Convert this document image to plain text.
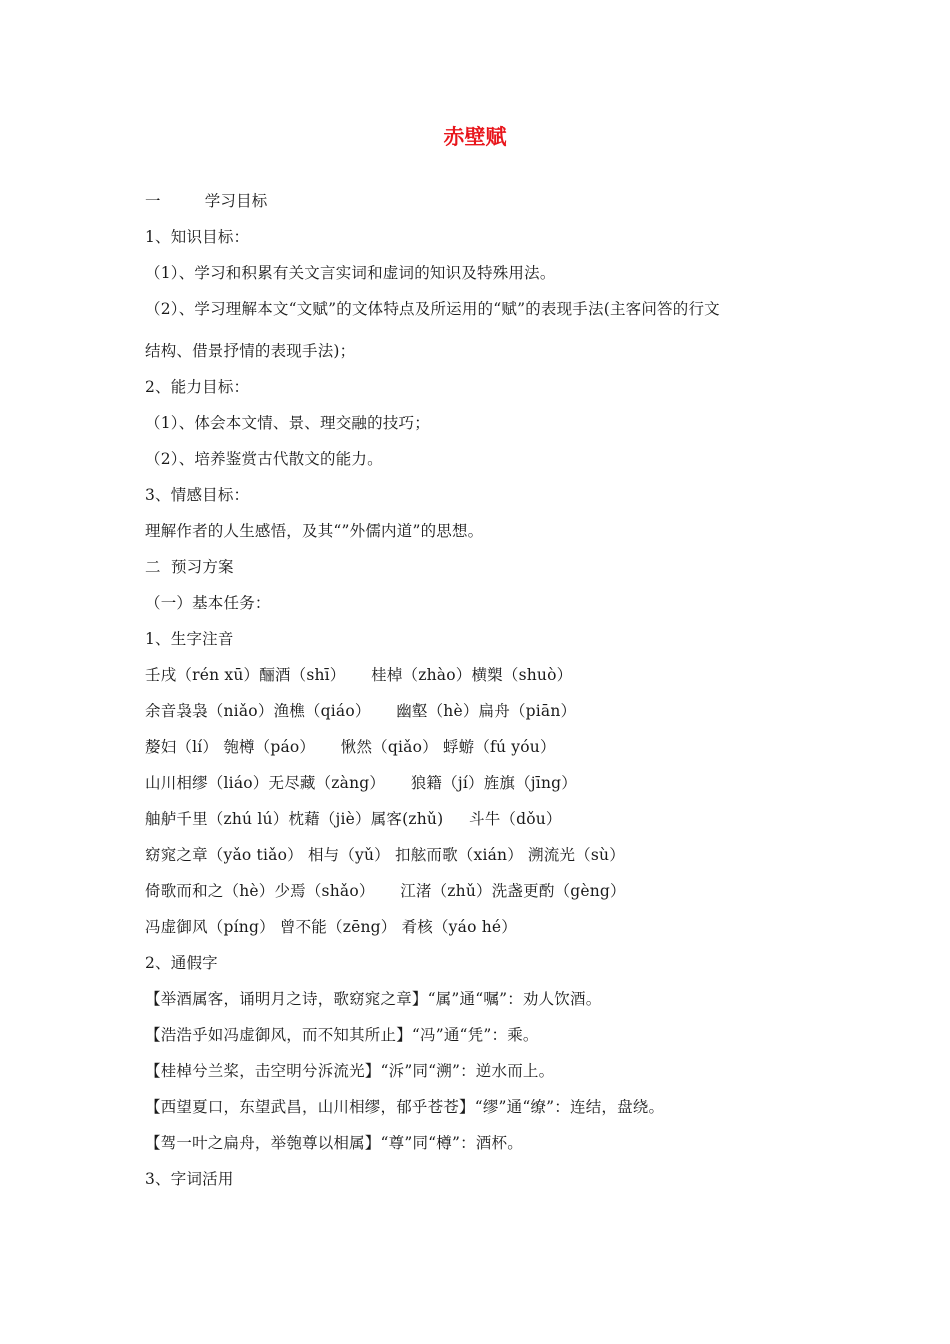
赤壁赋
一	学习目标
1、知识目标：
（1）、学习和积累有关文言实词和虚词的知识及特殊用法。
（2）、学习理解本文“文赋”的文体特点及所运用的“赋”的表现手法(主客问答的行文
结构、借景抒情的表现手法)；
2、能力目标：
（1）、体会本文情、景、理交融的技巧；
（2）、培养鉴赏古代散文的能力。
3、情感目标：
理解作者的人生感悟，及其“”外儒内道”的思想。
二  预习方案
（一）基本任务：
1、生字注音
壬戌（rén xū）酾酒（shī）     桂棹（zhào）横槊（shuò）
余音袅袅（niǎo）渔樵（qiáo）     幽壑（hè）扁舟（piān）
嫠妇（lí） 匏樽（páo）     愀然（qiǎo） 蜉蝣（fú yóu）
山川相缪（liáo）无尽藏（zàng）     狼籍（jí）旌旗（jīng）
舳舻千里（zhú lú）枕藉（jiè）属客(zhǔ)     斗牛（dǒu）
窈窕之章（yǎo tiǎo） 相与（yǔ） 扣舷而歌（xián） 溯流光（sù）
倚歌而和之（hè）少焉（shǎo）     江渚（zhǔ）洗盏更酌（gèng）
冯虚御风（píng） 曾不能（zēng） 肴核（yáo hé）
2、通假字
【举酒属客，诵明月之诗，歌窈窕之章】“属”通“嘱”：劝人饮酒。
【浩浩乎如冯虚御风，而不知其所止】“冯”通“凭”：乘。
【桂棹兮兰桨，击空明兮泝流光】“泝”同“溯”：逆水而上。
【西望夏口，东望武昌，山川相缪，郁乎苍苍】“缪”通“缭”：连结，盘绕。
【驾一叶之扁舟，举匏尊以相属】“尊”同“樽”：酒杯。
3、字词活用
